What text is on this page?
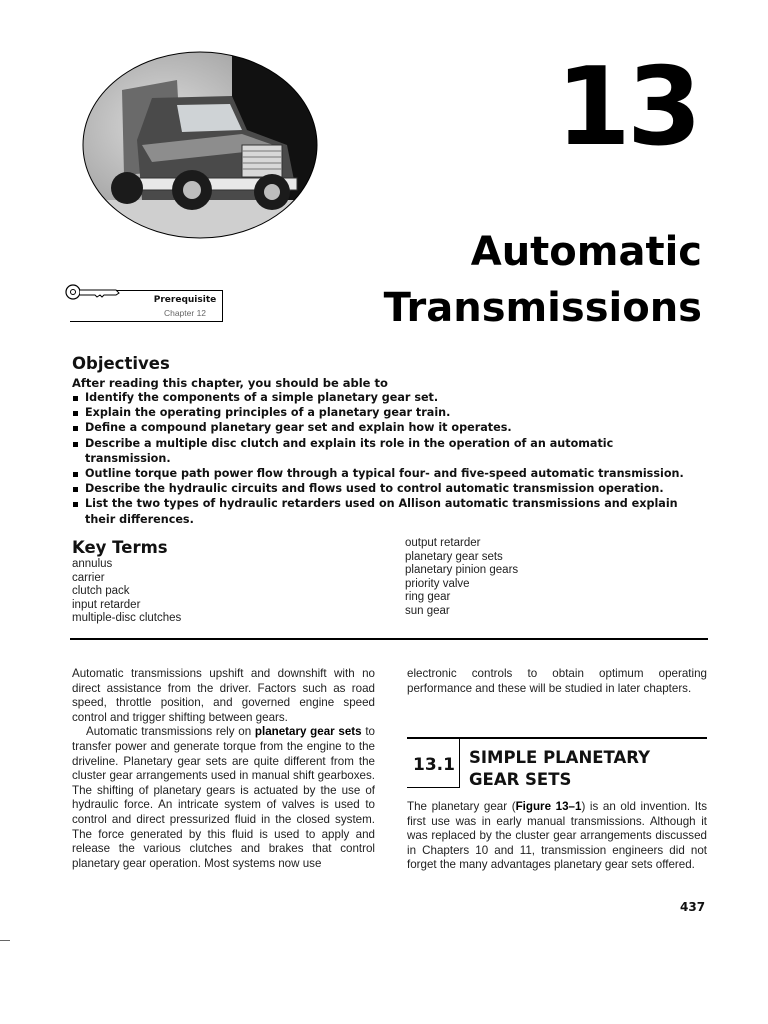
13
Automatic
Transmissions
Prerequisite
Chapter 12
Objectives
After reading this chapter, you should be able to
Identify the components of a simple planetary gear set.
Explain the operating principles of a planetary gear train.
Define a compound planetary gear set and explain how it operates.
Describe a multiple disc clutch and explain its role in the operation of an automatic transmission.
Outline torque path power flow through a typical four- and five-speed automatic transmission.
Describe the hydraulic circuits and flows used to control automatic transmission operation.
List the two types of hydraulic retarders used on Allison automatic transmissions and explain their differences.
Key Terms
annulus
carrier
clutch pack
input retarder
multiple-disc clutches
output retarder
planetary gear sets
planetary pinion gears
priority valve
ring gear
sun gear

Automatic transmissions upshift and downshift with no direct assistance from the driver. Factors such as road speed, throttle position, and governed engine speed control and trigger shifting between gears.

Automatic transmissions rely on planetary gear sets to transfer power and generate torque from the engine to the driveline. Planetary gear sets are quite different from the cluster gear arrangements used in manual shift gearboxes. The shifting of planetary gears is actuated by the use of hydraulic force. An intricate system of valves is used to control and direct pressurized fluid in the closed system. The force generated by this fluid is used to apply and release the various clutches and brakes that control planetary gear operation. Most systems now use

electronic controls to obtain optimum operating performance and these will be studied in later chapters.

13.1 SIMPLE PLANETARY
GEAR SETS

The planetary gear (Figure 13–1) is an old invention. Its first use was in early manual transmissions. Although it was replaced by the cluster gear arrangements discussed in Chapters 10 and 11, transmission engineers did not forget the many advantages planetary gear sets offered.

437
